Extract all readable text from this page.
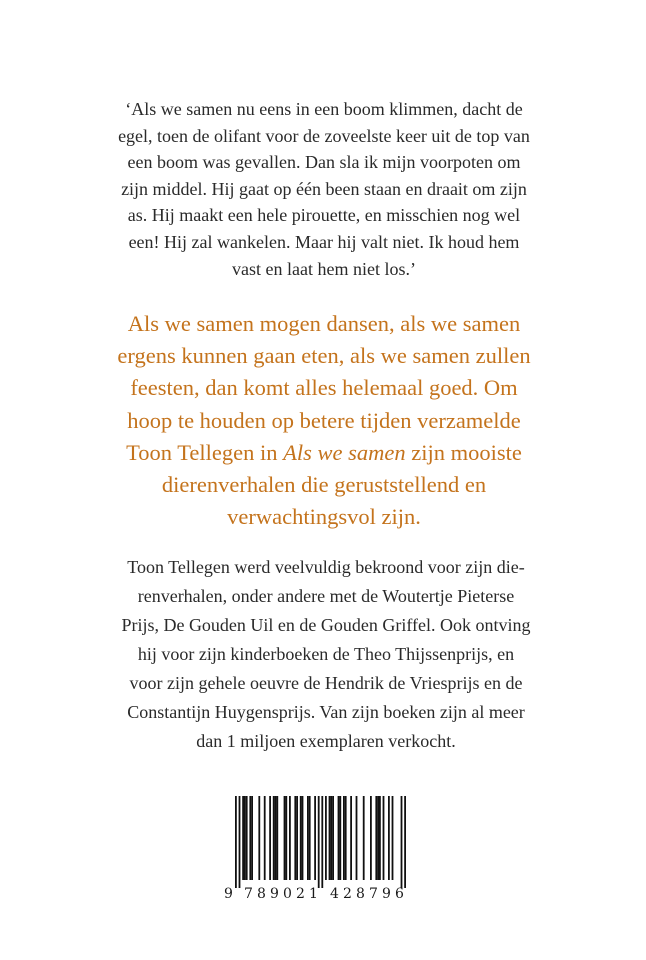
‘Als we samen nu eens in een boom klimmen, dacht de
egel, toen de olifant voor de zoveelste keer uit de top van
een boom was gevallen. Dan sla ik mijn voorpoten om
zijn middel. Hij gaat op één been staan en draait om zijn
as. Hij maakt een hele pirouette, en misschien nog wel
een! Hij zal wankelen. Maar hij valt niet. Ik houd hem
vast en laat hem niet los.’

Als we samen mogen dansen, als we samen
ergens kunnen gaan eten, als we samen zullen
feesten, dan komt alles helemaal goed. Om
hoop te houden op betere tijden verzamelde
Toon Tellegen in Als we samen zijn mooiste
dierenverhalen die geruststellend en
verwachtingsvol zijn.

Toon Tellegen werd veelvuldig bekroond voor zijn die-
renverhalen, onder andere met de Woutertje Pieterse
Prijs, De Gouden Uil en de Gouden Griffel. Ook ontving
hij voor zijn kinderboeken de Theo Thijssenprijs, en
voor zijn gehele oeuvre de Hendrik de Vriesprijs en de
Constantijn Huygensprijs. Van zijn boeken zijn al meer
dan 1 miljoen exemplaren verkocht.

9 7 8 9 0 2 1 4 2 8 7 9 6
